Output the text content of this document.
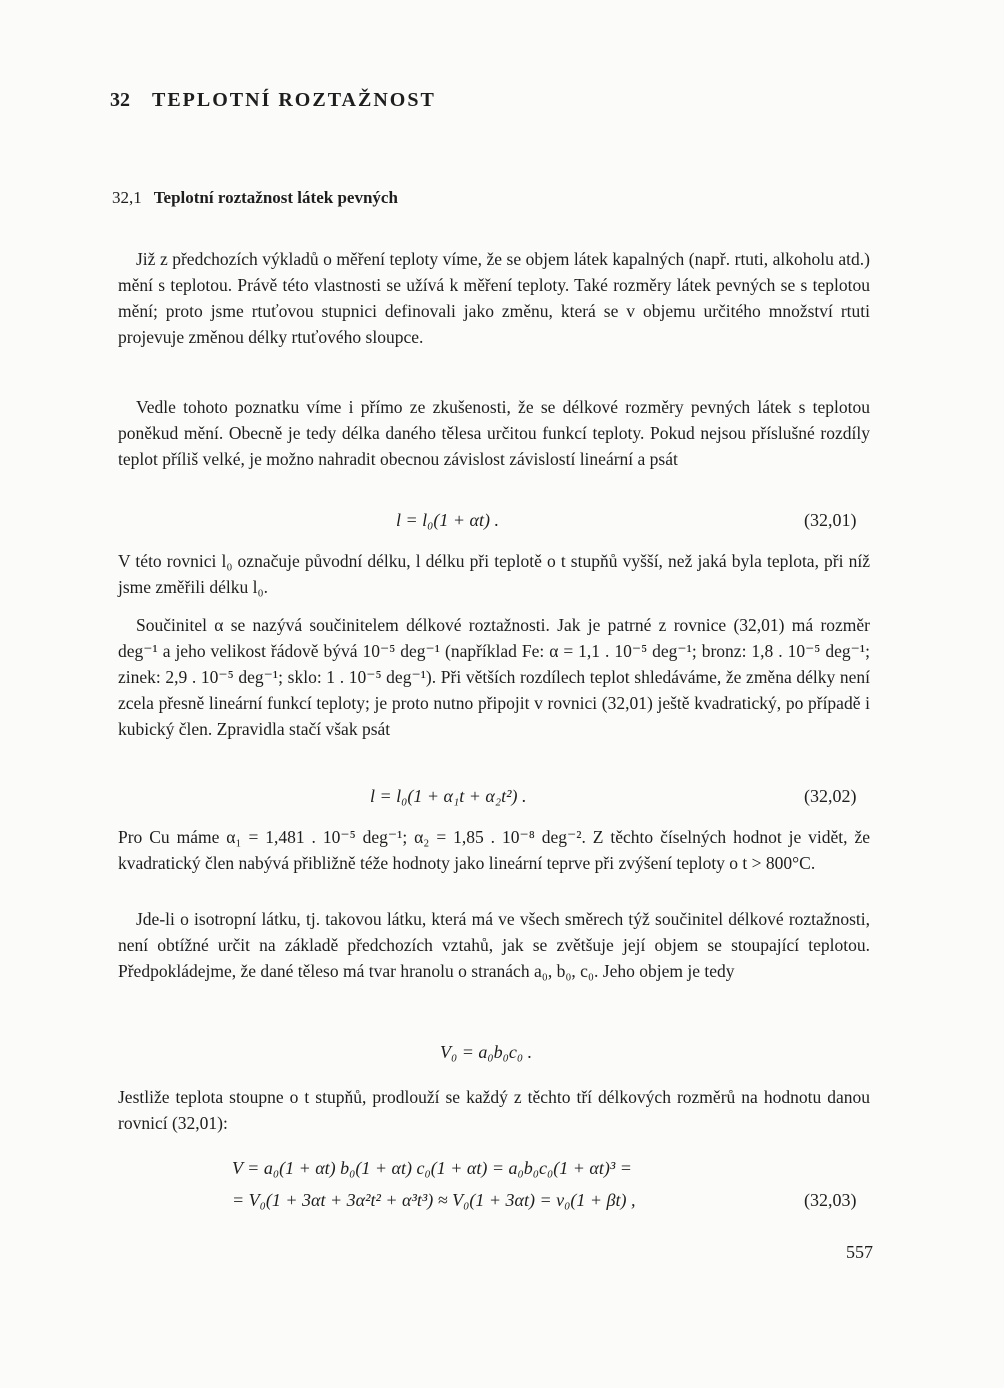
32 TEPLOTNÍ ROZTAŽNOST
32,1 Teplotní roztažnost látek pevných

Již z předchozích výkladů o měření teploty víme, že se objem látek kapalných (např. rtuti, alkoholu atd.) mění s teplotou. Právě této vlastnosti se užívá k měření teploty. Také rozměry látek pevných se s teplotou mění; proto jsme rtuťovou stupnici definovali jako změnu, která se v objemu určitého množství rtuti projevuje změnou délky rtuťového sloupce.

Vedle tohoto poznatku víme i přímo ze zkušenosti, že se délkové rozměry pevných látek s teplotou poněkud mění. Obecně je tedy délka daného tělesa určitou funkcí teploty. Pokud nejsou příslušné rozdíly teplot příliš velké, je možno nahradit obecnou závislost závislostí lineární a psát

l = l₀(1 + αt) .	(32,01)

V této rovnici l₀ označuje původní délku, l délku při teplotě o t stupňů vyšší, než jaká byla teplota, při níž jsme změřili délku l₀.

Součinitel α se nazývá součinitelem délkové roztažnosti. Jak je patrné z rovnice (32,01) má rozměr deg⁻¹ a jeho velikost řádově bývá 10⁻⁵ deg⁻¹ (například Fe: α = 1,1 . 10⁻⁵ deg⁻¹; bronz: 1,8 . 10⁻⁵ deg⁻¹; zinek: 2,9 . 10⁻⁵ deg⁻¹; sklo: 1 . 10⁻⁵ deg⁻¹). Při větších rozdílech teplot shledáváme, že změna délky není zcela přesně lineární funkcí teploty; je proto nutno připojit v rovnici (32,01) ještě kvadratický, po případě i kubický člen. Zpravidla stačí však psát

l = l₀(1 + α₁t + α₂t²) .	(32,02)

Pro Cu máme α₁ = 1,481 . 10⁻⁵ deg⁻¹; α₂ = 1,85 . 10⁻⁸ deg⁻². Z těchto číselných hodnot je vidět, že kvadratický člen nabývá přibližně téže hodnoty jako lineární teprve při zvýšení teploty o t > 800°C.

Jde-li o isotropní látku, tj. takovou látku, která má ve všech směrech týž součinitel délkové roztažnosti, není obtížné určit na základě předchozích vztahů, jak se zvětšuje její objem se stoupající teplotou. Předpokládejme, že dané těleso má tvar hranolu o stranách a₀, b₀, c₀. Jeho objem je tedy

V₀ = a₀b₀c₀ .

Jestliže teplota stoupne o t stupňů, prodlouží se každý z těchto tří délkových rozměrů na hodnotu danou rovnicí (32,01):

V = a₀(1 + αt) b₀(1 + αt) c₀(1 + αt) = a₀b₀c₀(1 + αt)³ =
= V₀(1 + 3αt + 3α²t² + α³t³) ≈ V₀(1 + 3αt) = v₀(1 + βt) ,	(32,03)
557
